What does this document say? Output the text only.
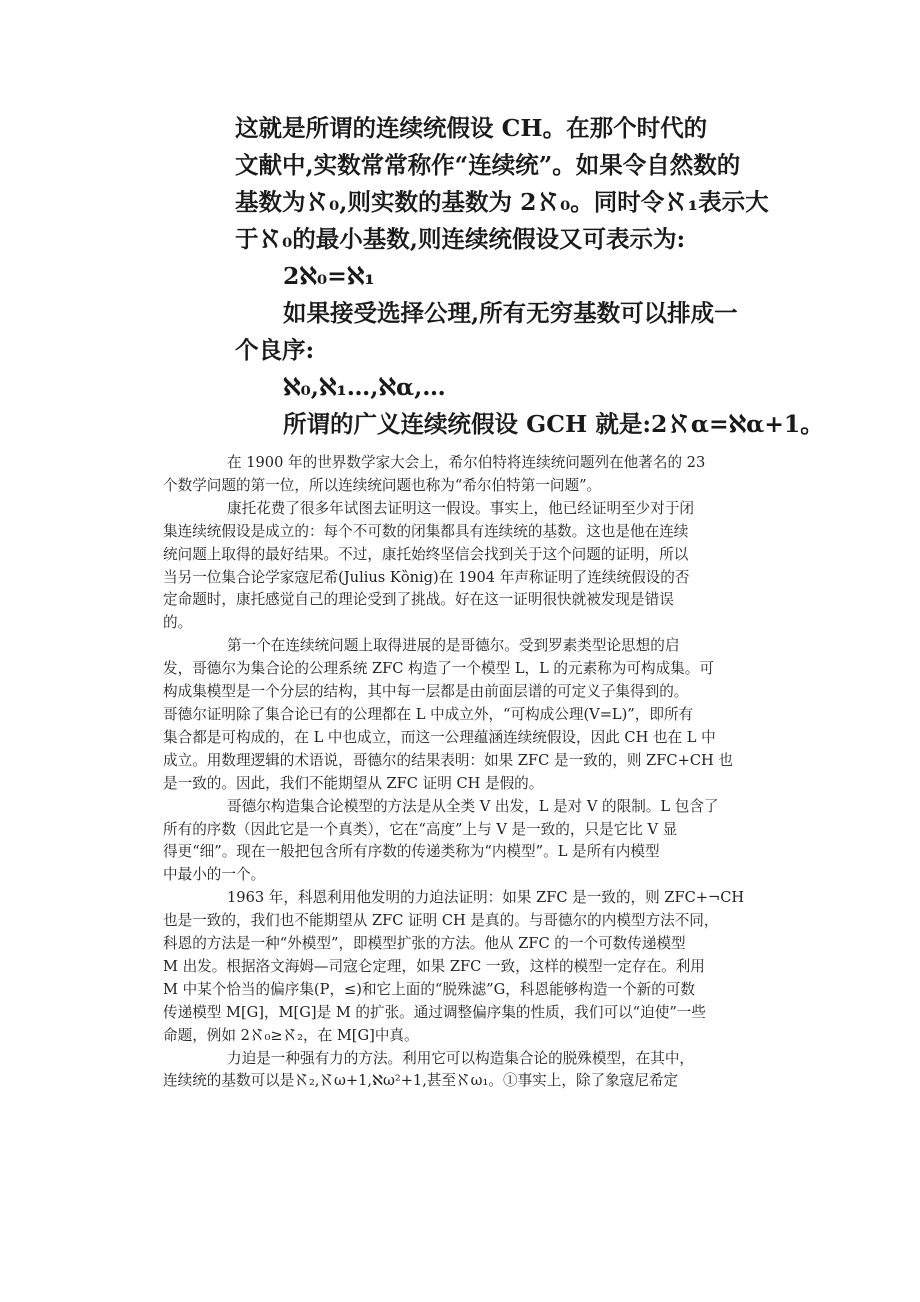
这就是所谓的连续统假设 CH。在那个时代的
文献中,实数常常称作“连续统”。如果令自然数的
基数为ℵ₀,则实数的基数为 2ℵ₀。同时令ℵ₁表示大
于ℵ₀的最小基数,则连续统假设又可表示为:
2ℵ₀=ℵ₁
如果接受选择公理,所有无穷基数可以排成一
个良序:
ℵ₀,ℵ₁…,ℵα,…
所谓的广义连续统假设 GCH 就是:2ℵα=ℵα+1。

在 1900 年的世界数学家大会上，希尔伯特将连续统问题列在他著名的 23
个数学问题的第一位，所以连续统问题也称为“希尔伯特第一问题”。

康托花费了很多年试图去证明这一假设。事实上，他已经证明至少对于闭
集连续统假设是成立的：每个不可数的闭集都具有连续统的基数。这也是他在连续
统问题上取得的最好结果。不过，康托始终坚信会找到关于这个问题的证明，所以
当另一位集合论学家寇尼希(Julius Kȍnig)在 1904 年声称证明了连续统假设的否
定命题时，康托感觉自己的理论受到了挑战。好在这一证明很快就被发现是错误
的。

第一个在连续统问题上取得进展的是哥德尔。受到罗素类型论思想的启
发，哥德尔为集合论的公理系统 ZFC 构造了一个模型 L，L 的元素称为可构成集。可
构成集模型是一个分层的结构，其中每一层都是由前面层谱的可定义子集得到的。
哥德尔证明除了集合论已有的公理都在 L 中成立外，“可构成公理(V=L)”，即所有
集合都是可构成的，在 L 中也成立，而这一公理蕴涵连续统假设，因此 CH 也在 L 中
成立。用数理逻辑的术语说，哥德尔的结果表明：如果 ZFC 是一致的，则 ZFC+CH 也
是一致的。因此，我们不能期望从 ZFC 证明 CH 是假的。

哥德尔构造集合论模型的方法是从全类 V 出发，L 是对 V 的限制。L 包含了
所有的序数（因此它是一个真类），它在“高度”上与 V 是一致的，只是它比 V 显
得更“细”。现在一般把包含所有序数的传递类称为“内模型”。L 是所有内模型
中最小的一个。

1963 年，科恩利用他发明的力迫法证明：如果 ZFC 是一致的，则 ZFC+¬CH
也是一致的，我们也不能期望从 ZFC 证明 CH 是真的。与哥德尔的内模型方法不同，
科恩的方法是一种“外模型”，即模型扩张的方法。他从 ZFC 的一个可数传递模型
M 出发。根据洛文海姆—司寇仑定理，如果 ZFC 一致，这样的模型一定存在。利用
M 中某个恰当的偏序集(P，≤)和它上面的“脱殊滤”G，科恩能够构造一个新的可数
传递模型 M[G]，M[G]是 M 的扩张。通过调整偏序集的性质，我们可以“迫使”一些
命题，例如 2ℵ₀≥ℵ₂，在 M[G]中真。

力迫是一种强有力的方法。利用它可以构造集合论的脱殊模型，在其中，
连续统的基数可以是ℵ₂,ℵω+1,ℵω²+1,甚至ℵω₁。①事实上，除了象寇尼希定
